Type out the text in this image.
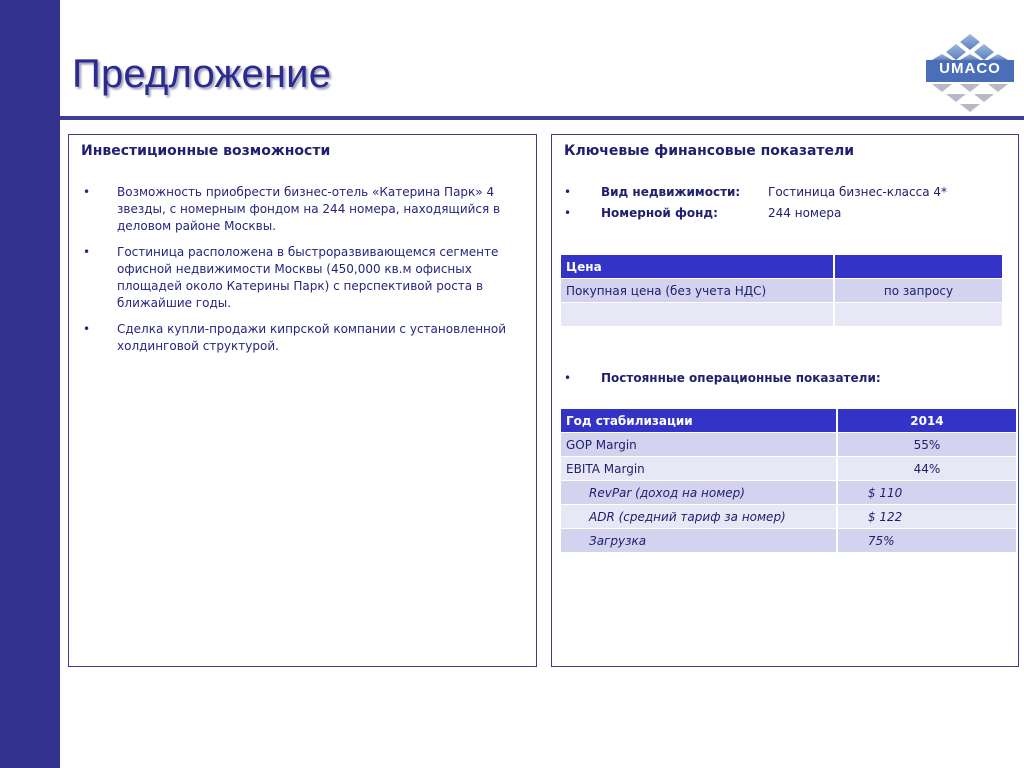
Предложение	UMACO
Инвестиционные возможности
• Возможность приобрести бизнес-отель «Катерина Парк» 4 звезды, с номерным фондом на 244 номера, находящийся в деловом районе Москвы.
• Гостиница расположена в быстроразвивающемся сегменте офисной недвижимости Москвы (450,000 кв.м офисных площадей около Катерины Парк) с перспективой роста в ближайшие годы.
• Сделка купли-продажи кипрской компании с установленной холдинговой структурой.
Ключевые финансовые показатели
• Вид недвижимости: Гостиница бизнес-класса 4*
• Номерной фонд:	244 номера
Цена	
Покупная цена (без учета НДС)	по запросу

• Постоянные операционные показатели:
Год стабилизации	2014
GOP Margin	55%
EBITA Margin	44%
RevPar (доход на номер)	$ 110
ADR (средний тариф за номер)	$ 122
Загрузка	75%
